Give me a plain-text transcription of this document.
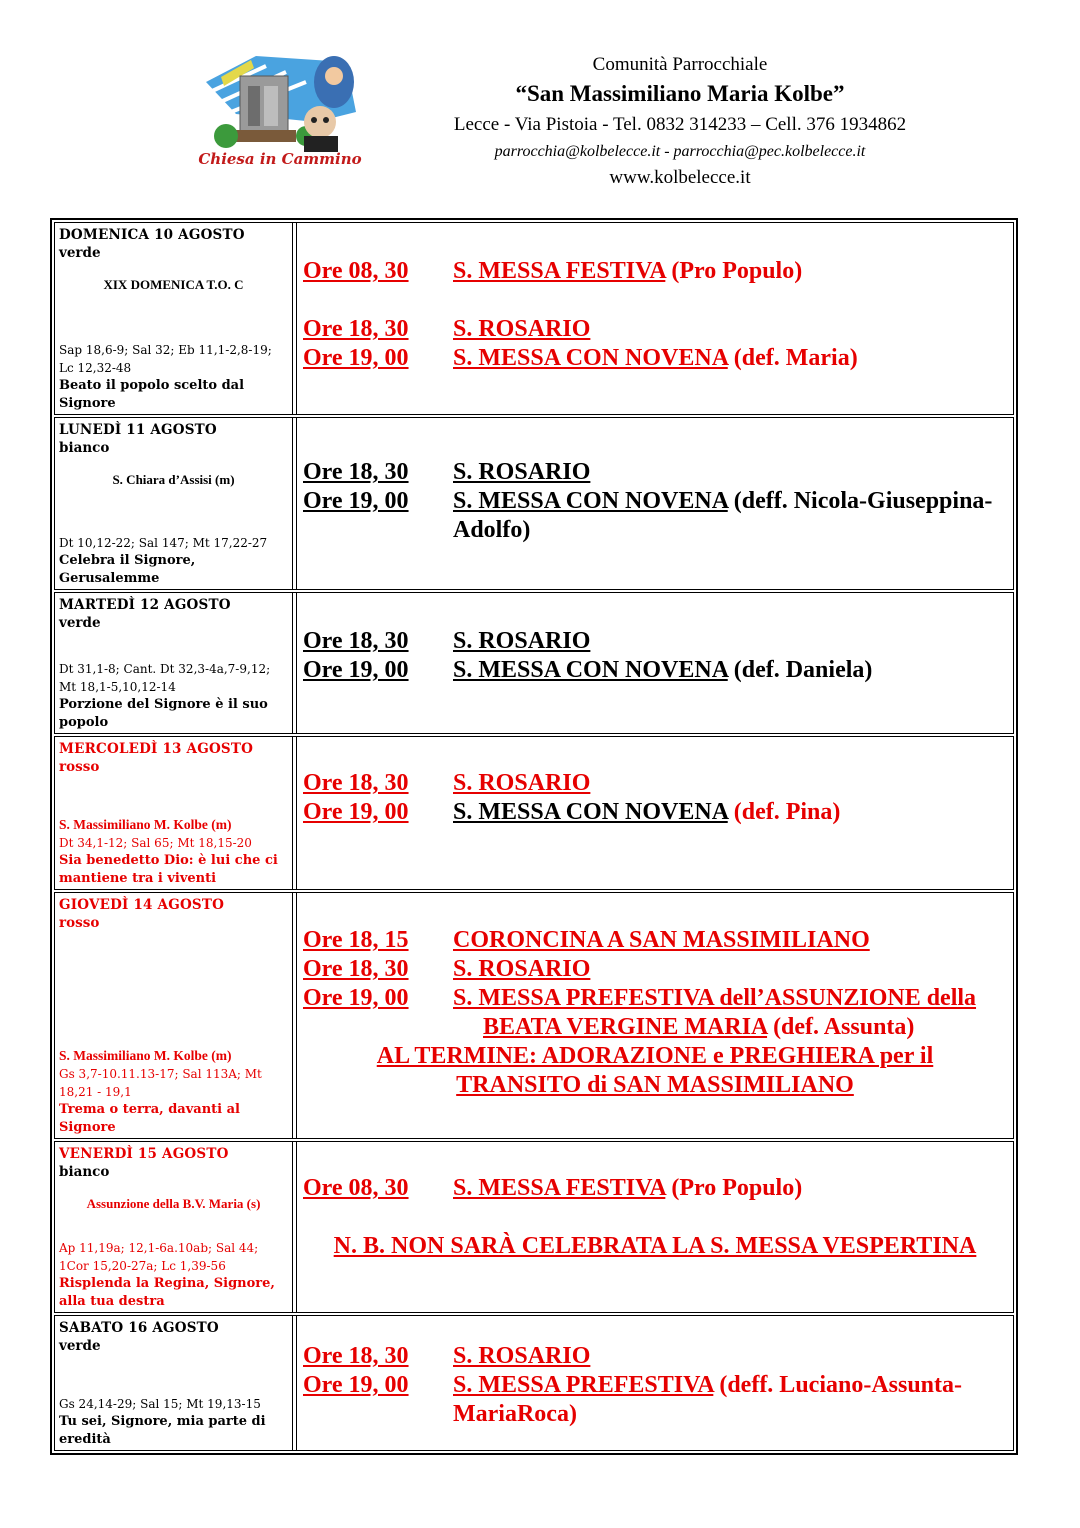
Chiesa in Cammino
Comunità Parrocchiale
“San Massimiliano Maria Kolbe”
Lecce - Via Pistoia - Tel. 0832 314233 – Cell. 376 1934862
parrocchia@kolbelecce.it - parrocchia@pec.kolbelecce.it
www.kolbelecce.it
DOMENICA 10 AGOSTO
verde
XIX DOMENICA T.O. C
Sap 18,6-9; Sal 32; Eb 11,1-2,8-19; Lc 12,32-48
Beato il popolo scelto dal Signore
Ore 08, 30	S. MESSA FESTIVA (Pro Populo)
Ore 18, 30	S. ROSARIO
Ore 19, 00	S. MESSA CON NOVENA (def. Maria)
LUNEDÌ 11 AGOSTO
bianco
S. Chiara d’Assisi (m)
Dt 10,12-22; Sal 147; Mt 17,22-27
Celebra il Signore, Gerusalemme
Ore 18, 30	S. ROSARIO
Ore 19, 00	S. MESSA CON NOVENA (deff. Nicola-Giuseppina-Adolfo)
MARTEDÌ 12 AGOSTO
verde
Dt 31,1-8; Cant. Dt 32,3-4a,7-9,12; Mt 18,1-5,10,12-14
Porzione del Signore è il suo popolo
Ore 18, 30	S. ROSARIO
Ore 19, 00	S. MESSA CON NOVENA (def. Daniela)
MERCOLEDÌ 13 AGOSTO
rosso
S. Massimiliano M. Kolbe (m)
Dt 34,1-12; Sal 65; Mt 18,15-20
Sia benedetto Dio: è lui che ci mantiene tra i viventi
Ore 18, 30	S. ROSARIO
Ore 19, 00	S. MESSA CON NOVENA (def. Pina)
GIOVEDÌ 14 AGOSTO
rosso
S. Massimiliano M. Kolbe (m)
Gs 3,7-10.11.13-17; Sal 113A; Mt 18,21 - 19,1
Trema o terra, davanti al Signore
Ore 18, 15	CORONCINA A SAN MASSIMILIANO
Ore 18, 30	S. ROSARIO
Ore 19, 00	S. MESSA PREFESTIVA dell’ASSUNZIONE della
BEATA VERGINE MARIA (def. Assunta)
AL TERMINE: ADORAZIONE e PREGHIERA per il
TRANSITO di SAN MASSIMILIANO
VENERDÌ 15 AGOSTO
bianco
Assunzione della B.V. Maria (s)
Ap 11,19a; 12,1-6a.10ab; Sal 44; 1Cor 15,20-27a; Lc 1,39-56
Risplenda la Regina, Signore, alla tua destra
Ore 08, 30	S. MESSA FESTIVA (Pro Populo)
N. B. NON SARÀ CELEBRATA LA S. MESSA VESPERTINA
SABATO 16 AGOSTO
verde
Gs 24,14-29; Sal 15; Mt 19,13-15
Tu sei, Signore, mia parte di eredità
Ore 18, 30	S. ROSARIO
Ore 19, 00	S. MESSA PREFESTIVA (deff. Luciano-Assunta-MariaRoca)
